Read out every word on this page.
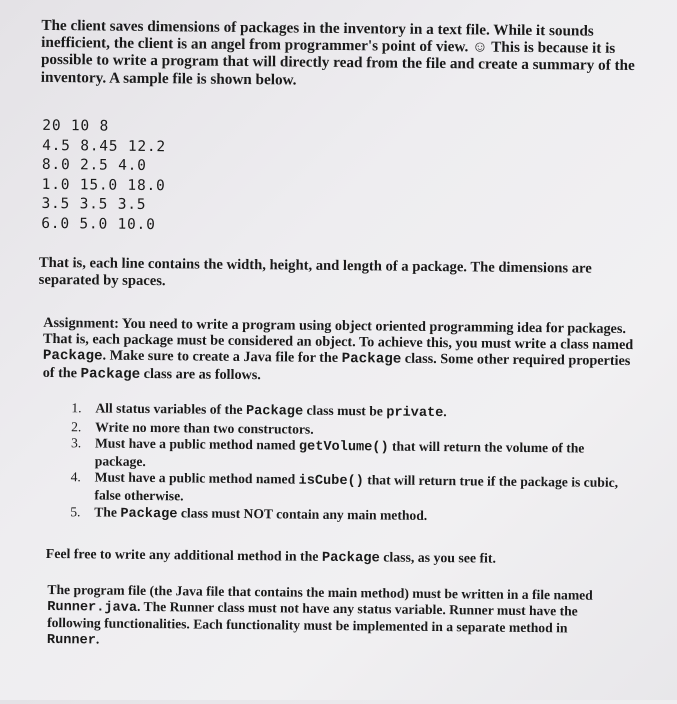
The client saves dimensions of packages in the inventory in a text file. While it sounds inefficient, the client is an angel from programmer's point of view. ☺ This is because it is possible to write a program that will directly read from the file and create a summary of the inventory. A sample file is shown below.

20 10 8
4.5 8.45 12.2
8.0 2.5 4.0
1.0 15.0 18.0
3.5 3.5 3.5
6.0 5.0 10.0

That is, each line contains the width, height, and length of a package. The dimensions are separated by spaces.

Assignment: You need to write a program using object oriented programming idea for packages. That is, each package must be considered an object. To achieve this, you must write a class named Package. Make sure to create a Java file for the Package class. Some other required properties of the Package class are as follows.

1. All status variables of the Package class must be private.
2. Write no more than two constructors.
3. Must have a public method named getVolume() that will return the volume of the package.
4. Must have a public method named isCube() that will return true if the package is cubic, false otherwise.
5. The Package class must NOT contain any main method.

Feel free to write any additional method in the Package class, as you see fit.

The program file (the Java file that contains the main method) must be written in a file named Runner.java. The Runner class must not have any status variable. Runner must have the following functionalities. Each functionality must be implemented in a separate method in Runner.
